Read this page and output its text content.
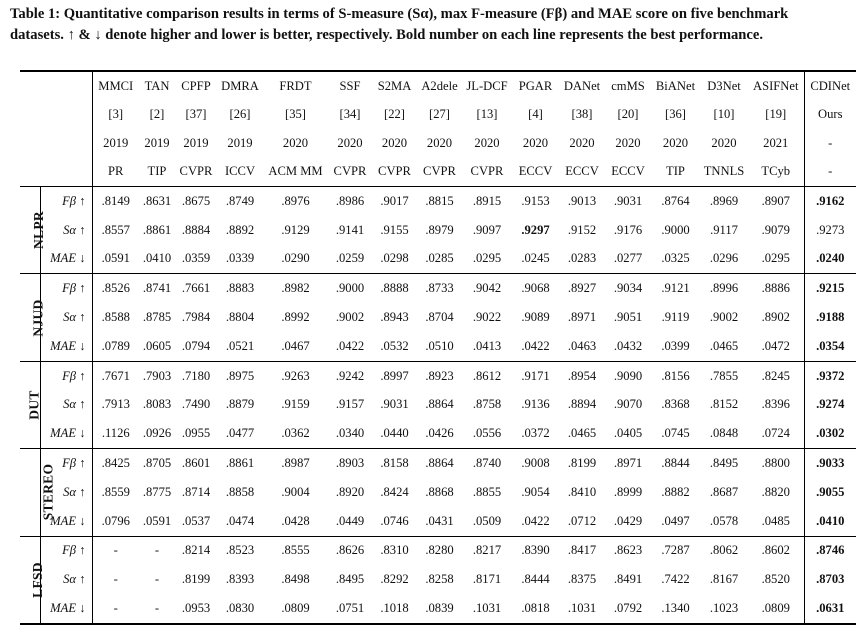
Table 1: Quantitative comparison results in terms of S-measure (Sα), max F-measure (Fβ) and MAE score on five benchmark
datasets. ↑ & ↓ denote higher and lower is better, respectively. Bold number on each line represents the best performance.
		MMCI	TAN	CPFP	DMRA	FRDT	SSF	S2MA	A2dele	JL-DCF	PGAR	DANet	cmMS	BiANet	D3Net	ASIFNet	CDINet
		[3]	[2]	[37]	[26]	[35]	[34]	[22]	[27]	[13]	[4]	[38]	[20]	[36]	[10]	[19]	Ours
		2019	2019	2019	2019	2020	2020	2020	2020	2020	2020	2020	2020	2020	2020	2021	-
		PR	TIP	CVPR	ICCV	ACM MM	CVPR	CVPR	CVPR	CVPR	ECCV	ECCV	ECCV	TIP	TNNLS	TCyb	-
NLPR	Fβ ↑	.8149	.8631	.8675	.8749	.8976	.8986	.9017	.8815	.8915	.9153	.9013	.9031	.8764	.8969	.8907	.9162
	Sα ↑	.8557	.8861	.8884	.8892	.9129	.9141	.9155	.8979	.9097	.9297	.9152	.9176	.9000	.9117	.9079	.9273
	MAE ↓	.0591	.0410	.0359	.0339	.0290	.0259	.0298	.0285	.0295	.0245	.0283	.0277	.0325	.0296	.0295	.0240
NJUD	Fβ ↑	.8526	.8741	.7661	.8883	.8982	.9000	.8888	.8733	.9042	.9068	.8927	.9034	.9121	.8996	.8886	.9215
	Sα ↑	.8588	.8785	.7984	.8804	.8992	.9002	.8943	.8704	.9022	.9089	.8971	.9051	.9119	.9002	.8902	.9188
	MAE ↓	.0789	.0605	.0794	.0521	.0467	.0422	.0532	.0510	.0413	.0422	.0463	.0432	.0399	.0465	.0472	.0354
DUT	Fβ ↑	.7671	.7903	.7180	.8975	.9263	.9242	.8997	.8923	.8612	.9171	.8954	.9090	.8156	.7855	.8245	.9372
	Sα ↑	.7913	.8083	.7490	.8879	.9159	.9157	.9031	.8864	.8758	.9136	.8894	.9070	.8368	.8152	.8396	.9274
	MAE ↓	.1126	.0926	.0955	.0477	.0362	.0340	.0440	.0426	.0556	.0372	.0465	.0405	.0745	.0848	.0724	.0302
STEREO	Fβ ↑	.8425	.8705	.8601	.8861	.8987	.8903	.8158	.8864	.8740	.9008	.8199	.8971	.8844	.8495	.8800	.9033
	Sα ↑	.8559	.8775	.8714	.8858	.9004	.8920	.8424	.8868	.8855	.9054	.8410	.8999	.8882	.8687	.8820	.9055
	MAE ↓	.0796	.0591	.0537	.0474	.0428	.0449	.0746	.0431	.0509	.0422	.0712	.0429	.0497	.0578	.0485	.0410
LFSD	Fβ ↑	-	-	.8214	.8523	.8555	.8626	.8310	.8280	.8217	.8390	.8417	.8623	.7287	.8062	.8602	.8746
	Sα ↑	-	-	.8199	.8393	.8498	.8495	.8292	.8258	.8171	.8444	.8375	.8491	.7422	.8167	.8520	.8703
	MAE ↓	-	-	.0953	.0830	.0809	.0751	.1018	.0839	.1031	.0818	.1031	.0792	.1340	.1023	.0809	.0631
